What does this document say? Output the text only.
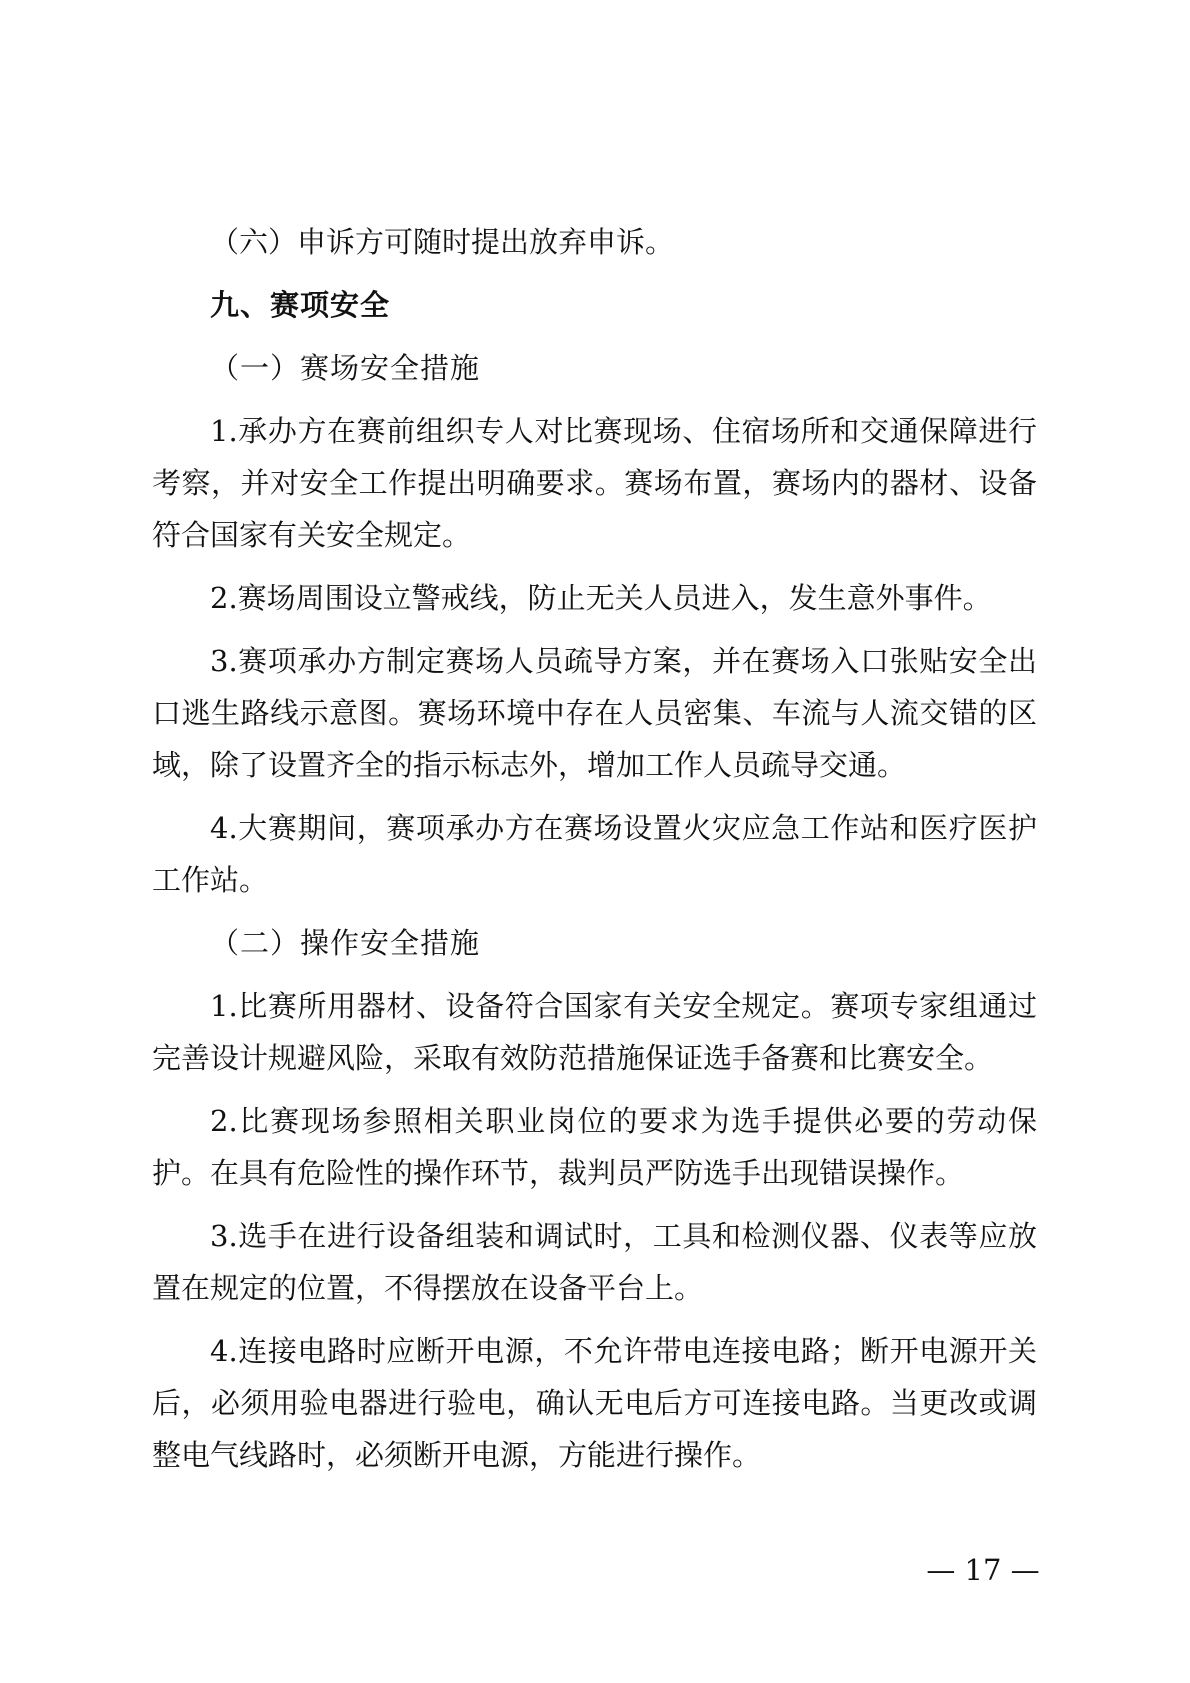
（六）申诉方可随时提出放弃申诉。

九、赛项安全

（一）赛场安全措施

1.承办方在赛前组织专人对比赛现场、住宿场所和交通保障进行考察，并对安全工作提出明确要求。赛场布置，赛场内的器材、设备符合国家有关安全规定。

2.赛场周围设立警戒线，防止无关人员进入，发生意外事件。

3.赛项承办方制定赛场人员疏导方案，并在赛场入口张贴安全出口逃生路线示意图。赛场环境中存在人员密集、车流与人流交错的区域，除了设置齐全的指示标志外，增加工作人员疏导交通。

4.大赛期间，赛项承办方在赛场设置火灾应急工作站和医疗医护工作站。

（二）操作安全措施

1.比赛所用器材、设备符合国家有关安全规定。赛项专家组通过完善设计规避风险，采取有效防范措施保证选手备赛和比赛安全。

2.比赛现场参照相关职业岗位的要求为选手提供必要的劳动保护。在具有危险性的操作环节，裁判员严防选手出现错误操作。

3.选手在进行设备组装和调试时，工具和检测仪器、仪表等应放置在规定的位置，不得摆放在设备平台上。

4.连接电路时应断开电源，不允许带电连接电路；断开电源开关后，必须用验电器进行验电，确认无电后方可连接电路。当更改或调整电气线路时，必须断开电源，方能进行操作。

— 17 —
